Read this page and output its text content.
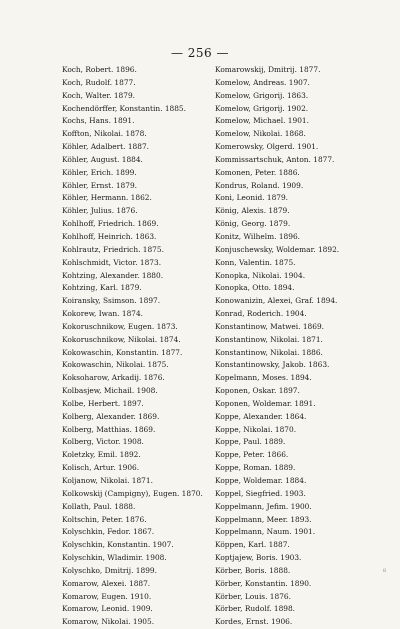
— 256 —
Koch, Robert. 1896.
Koch, Rudolf. 1877.
Koch, Walter. 1879.
Kochendörffer, Konstantin. 1885.
Kochs, Hans. 1891.
Koffton, Nikolai. 1878.
Köhler, Adalbert. 1887.
Köhler, August. 1884.
Köhler, Erich. 1899.
Köhler, Ernst. 1879.
Köhler, Hermann. 1862.
Köhler, Julius. 1876.
Kohlhoff, Friedrich. 1869.
Kohlhoff, Heinrich. 1863.
Kohlrautz, Friedrich. 1875.
Kohlschmidt, Victor. 1873.
Kohtzing, Alexander. 1880.
Kohtzing, Karl. 1879.
Koiransky, Ssimson. 1897.
Kokorew, Iwan. 1874.
Kokoruschnikow, Eugen. 1873.
Kokoruschnikow, Nikolai. 1874.
Kokowaschin, Konstantin. 1877.
Kokowaschin, Nikolai. 1875.
Koksoharow, Arkadij. 1876.
Kolbasjew, Michail. 1908.
Kolbe, Herbert. 1897.
Kolberg, Alexander. 1869.
Kolberg, Matthias. 1869.
Kolberg, Victor. 1908.
Koletzky, Emil. 1892.
Kolisch, Artur. 1906.
Koljanow, Nikolai. 1871.
Kolkowskij (Campigny), Eugen. 1870.
Kollath, Paul. 1888.
Koltschin, Peter. 1876.
Kolyschkin, Fedor. 1867.
Kolyschkin, Konstantin. 1907.
Kolyschkin, Wladimir. 1908.
Kolyschko, Dmitrij. 1899.
Komarow, Alexei. 1887.
Komarow, Eugen. 1910.
Komarow, Leonid. 1909.
Komarow, Nikolai. 1905.
Komarowskij, Dmitrij. 1877.
Komelow, Andreas. 1907.
Komelow, Grigorij. 1863.
Komelow, Grigorij. 1902.
Komelow, Michael. 1901.
Komelow, Nikolai. 1868.
Komerowsky, Olgerd. 1901.
Kommissartschuk, Anton. 1877.
Komonen, Peter. 1886.
Kondrus, Roland. 1909.
Koni, Leonid. 1879.
König, Alexis. 1879.
König, Georg. 1879.
Konitz, Wilhelm. 1896.
Konjuschewsky, Woldemar. 1892.
Konn, Valentin. 1875.
Konopka, Nikolai. 1904.
Konopka, Otto. 1894.
Konowanizin, Alexei, Graf. 1894.
Konrad, Roderich. 1904.
Konstantinow, Matwei. 1869.
Konstantinow, Nikolai. 1871.
Konstantinow, Nikolai. 1886.
Konstantinowsky, Jakob. 1863.
Kopelmann, Moses. 1894.
Koponen, Oskar. 1897.
Koponen, Woldemar. 1891.
Koppe, Alexander. 1864.
Koppe, Nikolai. 1870.
Koppe, Paul. 1889.
Koppe, Peter. 1866.
Koppe, Roman. 1889.
Koppe, Woldemar. 1884.
Koppel, Siegfried. 1903.
Koppelmann, Jefim. 1900.
Koppelmann, Meer. 1893.
Koppelmann, Naum. 1901.
Köppen, Karl. 1887.
Koptjajew, Boris. 1903.
Körber, Boris. 1888.
Körber, Konstantin. 1890.
Körber, Louis. 1876.
Körber, Rudolf. 1898.
Kordes, Ernst. 1906.
8
